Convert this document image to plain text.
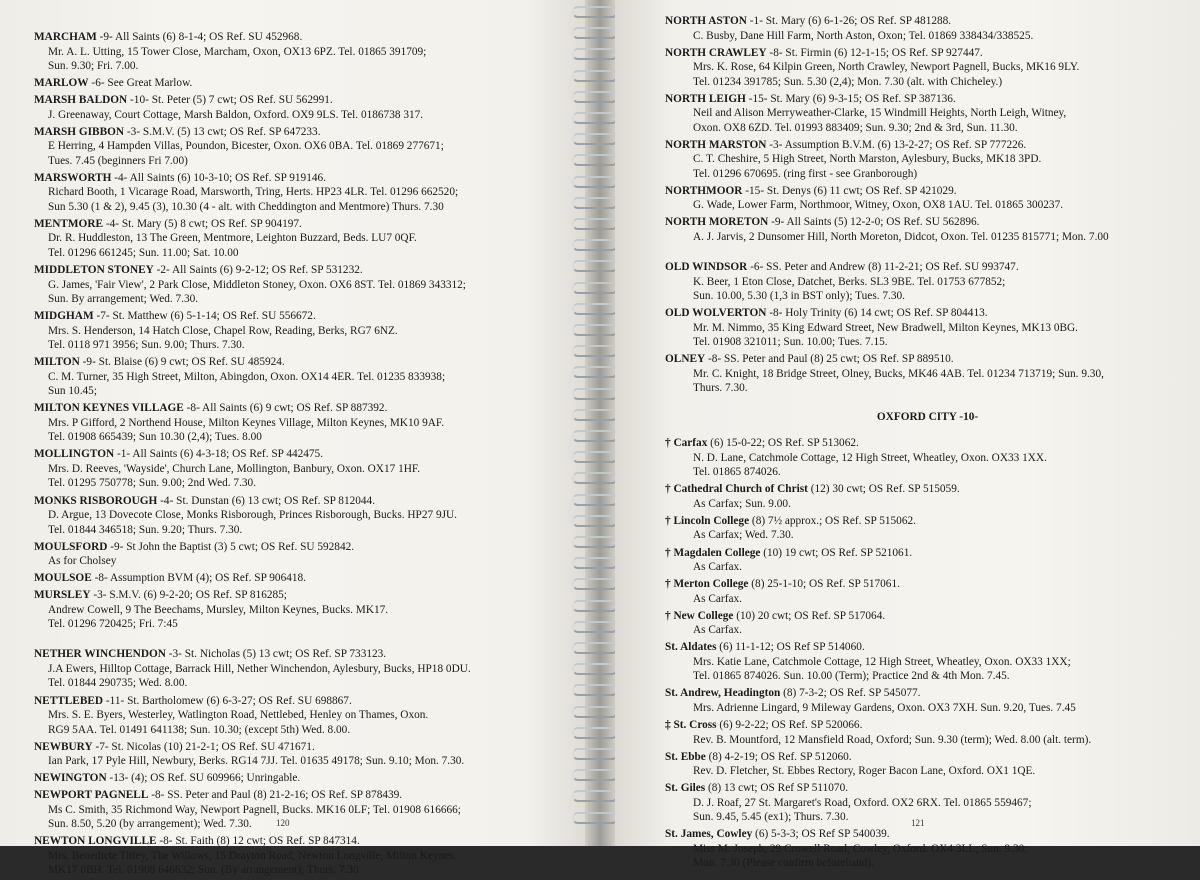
MARCHAM -9- All Saints (6) 8-1-4; OS Ref. SU 452968.
Mr. A. L. Utting, 15 Tower Close, Marcham, Oxon, OX13 6PZ. Tel. 01865 391709;
Sun. 9.30; Fri. 7.00.
MARLOW -6- See Great Marlow.
MARSH BALDON -10- St. Peter (5) 7 cwt; OS Ref. SU 562991.
J. Greenaway, Court Cottage, Marsh Baldon, Oxford. OX9 9LS. Tel. 0186738 317.
MARSH GIBBON -3- S.M.V. (5) 13 cwt; OS Ref. SP 647233.
E Herring, 4 Hampden Villas, Poundon, Bicester, Oxon. OX6 0BA. Tel. 01869 277671;
Tues. 7.45 (beginners Fri 7.00)
MARSWORTH -4- All Saints (6) 10-3-10; OS Ref. SP 919146.
Richard Booth, 1 Vicarage Road, Marsworth, Tring, Herts. HP23 4LR. Tel. 01296 662520;
Sun 5.30 (1 & 2), 9.45 (3), 10.30 (4 - alt. with Cheddington and Mentmore) Thurs. 7.30
MENTMORE -4- St. Mary (5) 8 cwt; OS Ref. SP 904197.
Dr. R. Huddleston, 13 The Green, Mentmore, Leighton Buzzard, Beds. LU7 0QF.
Tel. 01296 661245; Sun. 11.00; Sat. 10.00
MIDDLETON STONEY -2- All Saints (6) 9-2-12; OS Ref. SP 531232.
G. James, 'Fair View', 2 Park Close, Middleton Stoney, Oxon. OX6 8ST. Tel. 01869 343312;
Sun. By arrangement; Wed. 7.30.
MIDGHAM -7- St. Matthew (6) 5-1-14; OS Ref. SU 556672.
Mrs. S. Henderson, 14 Hatch Close, Chapel Row, Reading, Berks, RG7 6NZ.
Tel. 0118 971 3956; Sun. 9.00; Thurs. 7.30.
MILTON -9- St. Blaise (6) 9 cwt; OS Ref. SU 485924.
C. M. Turner, 35 High Street, Milton, Abingdon, Oxon. OX14 4ER. Tel. 01235 833938;
Sun 10.45;
MILTON KEYNES VILLAGE -8- All Saints (6) 9 cwt; OS Ref. SP 887392.
Mrs. P Gifford, 2 Northend House, Milton Keynes Village, Milton Keynes, MK10 9AF.
Tel. 01908 665439; Sun 10.30 (2,4); Tues. 8.00
MOLLINGTON -1- All Saints (6) 4-3-18; OS Ref. SP 442475.
Mrs. D. Reeves, 'Wayside', Church Lane, Mollington, Banbury, Oxon. OX17 1HF.
Tel. 01295 750778; Sun. 9.00; 2nd Wed. 7.30.
MONKS RISBOROUGH -4- St. Dunstan (6) 13 cwt; OS Ref. SP 812044.
D. Argue, 13 Dovecote Close, Monks Risborough, Princes Risborough, Bucks. HP27 9JU.
Tel. 01844 346518; Sun. 9.20; Thurs. 7.30.
MOULSFORD -9- St John the Baptist (3) 5 cwt; OS Ref. SU 592842.
As for Cholsey
MOULSOE -8- Assumption BVM (4); OS Ref. SP 906418.
MURSLEY -3- S.M.V. (6) 9-2-20; OS Ref. SP 816285;
Andrew Cowell, 9 The Beechams, Mursley, Milton Keynes, Bucks. MK17.
Tel. 01296 720425; Fri. 7:45
NETHER WINCHENDON -3- St. Nicholas (5) 13 cwt; OS Ref. SP 733123.
J.A Ewers, Hilltop Cottage, Barrack Hill, Nether Winchendon, Aylesbury, Bucks, HP18 0DU.
Tel. 01844 290735; Wed. 8.00.
NETTLEBED -11- St. Bartholomew (6) 6-3-27; OS Ref. SU 698867.
Mrs. S. E. Byers, Westerley, Watlington Road, Nettlebed, Henley on Thames, Oxon.
RG9 5AA. Tel. 01491 641138; Sun. 10.30; (except 5th) Wed. 8.00.
NEWBURY -7- St. Nicolas (10) 21-2-1; OS Ref. SU 471671.
Ian Park, 17 Pyle Hill, Newbury, Berks. RG14 7JJ. Tel. 01635 49178; Sun. 9.10; Mon. 7.30.
NEWINGTON -13- (4); OS Ref. SU 609966; Unringable.
NEWPORT PAGNELL -8- SS. Peter and Paul (8) 21-2-16; OS Ref. SP 878439.
Ms C. Smith, 35 Richmond Way, Newport Pagnell, Bucks. MK16 0LF; Tel. 01908 616666;
Sun. 8.50, 5.20 (by arrangement); Wed. 7.30.
NEWTON LONGVILLE -8- St. Faith (8) 12 cwt; OS Ref. SP 847314.
Mrs. Benedicte Titley, The Willows, 15 Drayton Road, Newton Longville, Milton Keynes.
MK17 0BH. Tel. 01908 646632; Sun. (By arrangement); Thurs. 7.30.
120
NORTH ASTON -1- St. Mary (6) 6-1-26; OS Ref. SP 481288.
C. Busby, Dane Hill Farm, North Aston, Oxon; Tel. 01869 338434/338525.
NORTH CRAWLEY -8- St. Firmin (6) 12-1-15; OS Ref. SP 927447.
Mrs. K. Rose, 64 Kilpin Green, North Crawley, Newport Pagnell, Bucks, MK16 9LY.
Tel. 01234 391785; Sun. 5.30 (2,4); Mon. 7.30 (alt. with Chicheley.)
NORTH LEIGH -15- St. Mary (6) 9-3-15; OS Ref. SP 387136.
Neil and Alison Merryweather-Clarke, 15 Windmill Heights, North Leigh, Witney,
Oxon. OX8 6ZD. Tel. 01993 883409; Sun. 9.30; 2nd & 3rd, Sun. 11.30.
NORTH MARSTON -3- Assumption B.V.M. (6) 13-2-27; OS Ref. SP 777226.
C. T. Cheshire, 5 High Street, North Marston, Aylesbury, Bucks, MK18 3PD.
Tel. 01296 670695. (ring first - see Granborough)
NORTHMOOR -15- St. Denys (6) 11 cwt; OS Ref. SP 421029.
G. Wade, Lower Farm, Northmoor, Witney, Oxon, OX8 1AU. Tel. 01865 300237.
NORTH MORETON -9- All Saints (5) 12-2-0; OS Ref. SU 562896.
A. J. Jarvis, 2 Dunsomer Hill, North Moreton, Didcot, Oxon. Tel. 01235 815771; Mon. 7.00
OLD WINDSOR -6- SS. Peter and Andrew (8) 11-2-21; OS Ref. SU 993747.
K. Beer, 1 Eton Close, Datchet, Berks. SL3 9BE. Tel. 01753 677852;
Sun. 10.00, 5.30 (1,3 in BST only); Tues. 7.30.
OLD WOLVERTON -8- Holy Trinity (6) 14 cwt; OS Ref. SP 804413.
Mr. M. Nimmo, 35 King Edward Street, New Bradwell, Milton Keynes, MK13 0BG.
Tel. 01908 321011; Sun. 10.00; Tues. 7.15.
OLNEY -8- SS. Peter and Paul (8) 25 cwt; OS Ref. SP 889510.
Mr. C. Knight, 18 Bridge Street, Olney, Bucks, MK46 4AB. Tel. 01234 713719; Sun. 9.30,
Thurs. 7.30.
OXFORD CITY -10-
† Carfax (6) 15-0-22; OS Ref. SP 513062.
N. D. Lane, Catchmole Cottage, 12 High Street, Wheatley, Oxon. OX33 1XX.
Tel. 01865 874026.
† Cathedral Church of Christ (12) 30 cwt; OS Ref. SP 515059.
As Carfax; Sun. 9.00.
† Lincoln College (8) 7½ approx.; OS Ref. SP 515062.
As Carfax; Wed. 7.30.
† Magdalen College (10) 19 cwt; OS Ref. SP 521061.
As Carfax.
† Merton College (8) 25-1-10; OS Ref. SP 517061.
As Carfax.
† New College (10) 20 cwt; OS Ref. SP 517064.
As Carfax.
St. Aldates (6) 11-1-12; OS Ref SP 514060.
Mrs. Katie Lane, Catchmole Cottage, 12 High Street, Wheatley, Oxon. OX33 1XX;
Tel. 01865 874026. Sun. 10.00 (Term); Practice 2nd & 4th Mon. 7.45.
St. Andrew, Headington (8) 7-3-2; OS Ref. SP 545077.
Mrs. Adrienne Lingard, 9 Mileway Gardens, Oxon. OX3 7XH. Sun. 9.20, Tues. 7.45
‡ St. Cross (6) 9-2-22; OS Ref. SP 520066.
Rev. B. Mountford, 12 Mansfield Road, Oxford; Sun. 9.30 (term); Wed. 8.00 (alt. term).
St. Ebbe (8) 4-2-19; OS Ref. SP 512060.
Rev. D. Fletcher, St. Ebbes Rectory, Roger Bacon Lane, Oxford. OX1 1QE.
St. Giles (8) 13 cwt; OS Ref SP 511070.
D. J. Roaf, 27 St. Margaret's Road, Oxford. OX2 6RX. Tel. 01865 559467;
Sun. 9.45, 5.45 (ex1); Thurs. 7.30.
St. James, Cowley (6) 5-3-3; OS Ref SP 540039.
Miss M. Joseph, 29 Crowell Road, Cowley, Oxford. OX4 3LL; Sun. 9.30;
Mon. 7.30 (Please confirm beforehand).
121
